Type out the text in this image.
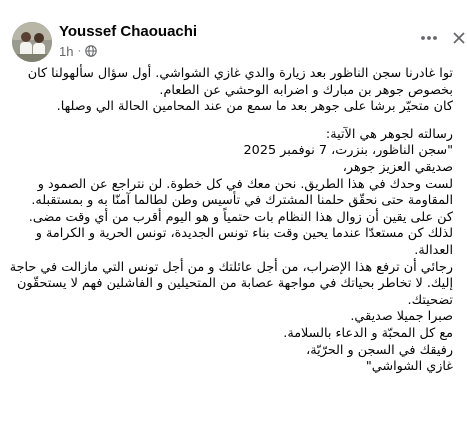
Youssef Chaouachi
1h ·

توا غادرنا سجن الناظور بعد زيارة والدي غازي الشواشي. أول سؤال سألهولنا كان بخصوص جوهر بن مبارك و اضرابه الوحشي عن الطعام.
كان متحيّر برشا على جوهر بعد ما سمع من عند المحامين الحالة الي وصلها.

رسالته لجوهر هي الآتية:

"سجن الناظور، بنزرت، 7 نوفمبر 2025
صديقي العزيز جوهر،
لست وحدك في هذا الطريق. نحن معك في كل خطوة. لن نتراجع عن الصمود و المقاومة حتى نحقّق حلمنا المشترك في تأسيس وطن لطالما آمنّا به و بمستقبله.
كن على يقين أن زوال هذا النظام بات حتمياً و هو اليوم أقرب من أي وقت مضى. لذلك كن مستعدّا عندما يحين وقت بناء تونس الجديدة، تونس الحرية و الكرامة و العدالة.
رجائي أن ترفع هذا الإضراب، من أجل عائلتك و من أجل تونس التي مازالت في حاجة إليك. لا تخاطر بحياتك في مواجهة عصابة من المتحيلين و الفاشلين فهم لا يستحقّون تضحيتك.
صبرا جميلا صديقي.
مع كل المحبّة و الدعاء بالسلامة.
رفيقك في السجن و الحرّيّة،
غازي الشواشي"
